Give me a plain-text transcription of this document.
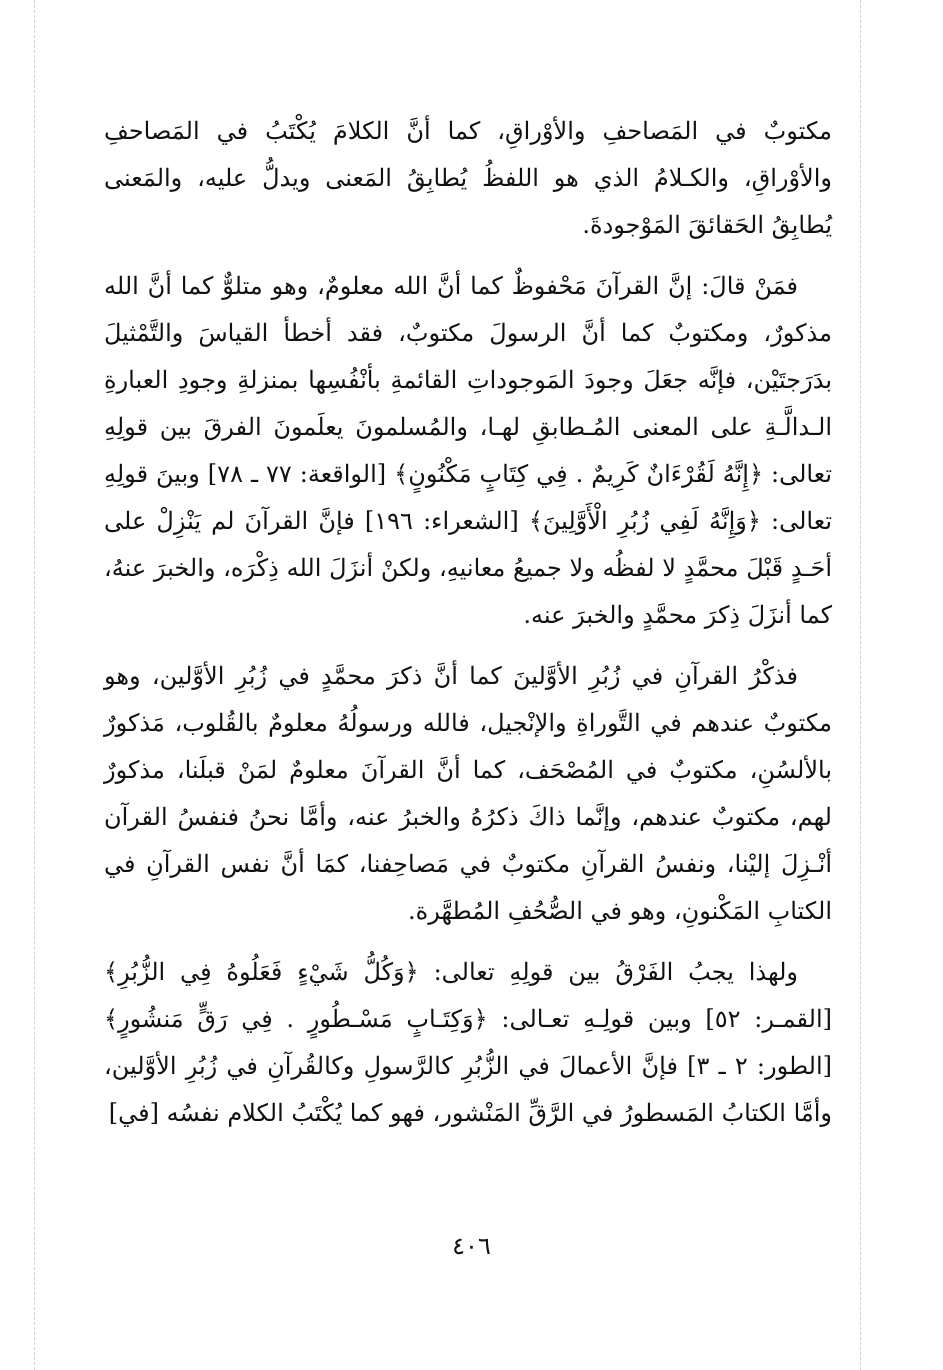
مكتوبٌ في المَصاحفِ والأوْراقِ، كما أنَّ الكلامَ يُكْتَبُ في المَصاحفِ والأوْراقِ، والكـلامُ الذي هو اللفظُ يُطابِقُ المَعنى ويدلُّ عليه، والمَعنى يُطابِقُ الحَقائقَ المَوْجودةَ.

فمَنْ قالَ: إنَّ القرآنَ مَحْفوظٌ كما أنَّ الله معلومٌ، وهو متلوٌّ كما أنَّ الله مذكورٌ، ومكتوبٌ كما أنَّ الرسولَ مكتوبٌ، فقد أخطأ القياسَ والتَّمْثيلَ بدَرَجتَيْن، فإنَّه جعَلَ وجودَ المَوجوداتِ القائمةِ بأنْفُسِها بمنزلةِ وجودِ العبارةِ الـدالَّـةِ على المعنى المُـطابقِ لهـا، والمُسلمونَ يعلَمونَ الفرقَ بين قولِهِ تعالى: ﴿إِنَّهُ لَقُرْءَانٌ كَرِيمٌ . فِي كِتَابٍ مَكْنُونٍ﴾ [الواقعة: ٧٧ ـ ٧٨] وبينَ قولِهِ تعالى: ﴿وَإِنَّهُ لَفِي زُبُرِ الْأَوَّلِينَ﴾ [الشعراء: ١٩٦] فإنَّ القرآنَ لم يَنْزِلْ على أحَـدٍ قَبْلَ محمَّدٍ لا لفظُه ولا جميعُ معانيهِ، ولكنْ أنزَلَ الله ذِكْرَه، والخبرَ عنهُ، كما أنزَلَ ذِكرَ محمَّدٍ والخبرَ عنه.

فذكْرُ القرآنِ في زُبُرِ الأوَّلينَ كما أنَّ ذكرَ محمَّدٍ في زُبُرِ الأوَّلين، وهو مكتوبٌ عندهم في التَّوراةِ والإنْجيل، فالله ورسولُهُ معلومٌ بالقُلوب، مَذكورٌ بالألسُنِ، مكتوبٌ في المُصْحَف، كما أنَّ القرآنَ معلومٌ لمَنْ قبلَنا، مذكورٌ لهم، مكتوبٌ عندهم، وإنَّما ذاكَ ذكرُهُ والخبرُ عنه، وأمَّا نحنُ فنفسُ القرآن أنْـزِلَ إليْنا، ونفسُ القرآنِ مكتوبٌ في مَصاحِفنا، كمَا أنَّ نفس القرآنِ في الكتابِ المَكْنونِ، وهو في الصُّحُفِ المُطهَّرة.

ولهذا يجبُ الفَرْقُ بين قولِهِ تعالى: ﴿وَكُلُّ شَيْءٍ فَعَلُوهُ فِي الزُّبُرِ﴾ [القمـر: ٥٢] وبين قولِـهِ تعـالى: ﴿وَكِتَـابٍ مَسْـطُورٍ . فِي رَقٍّ مَنشُورٍ﴾ [الطور: ٢ ـ ٣] فإنَّ الأعمالَ في الزُّبُرِ كالرَّسولِ وكالقُرآنِ في زُبُرِ الأوَّلين، وأمَّا الكتابُ المَسطورُ في الرَّقِّ المَنْشور، فهو كما يُكْتَبُ الكلام نفسُه [في]

٤٠٦
